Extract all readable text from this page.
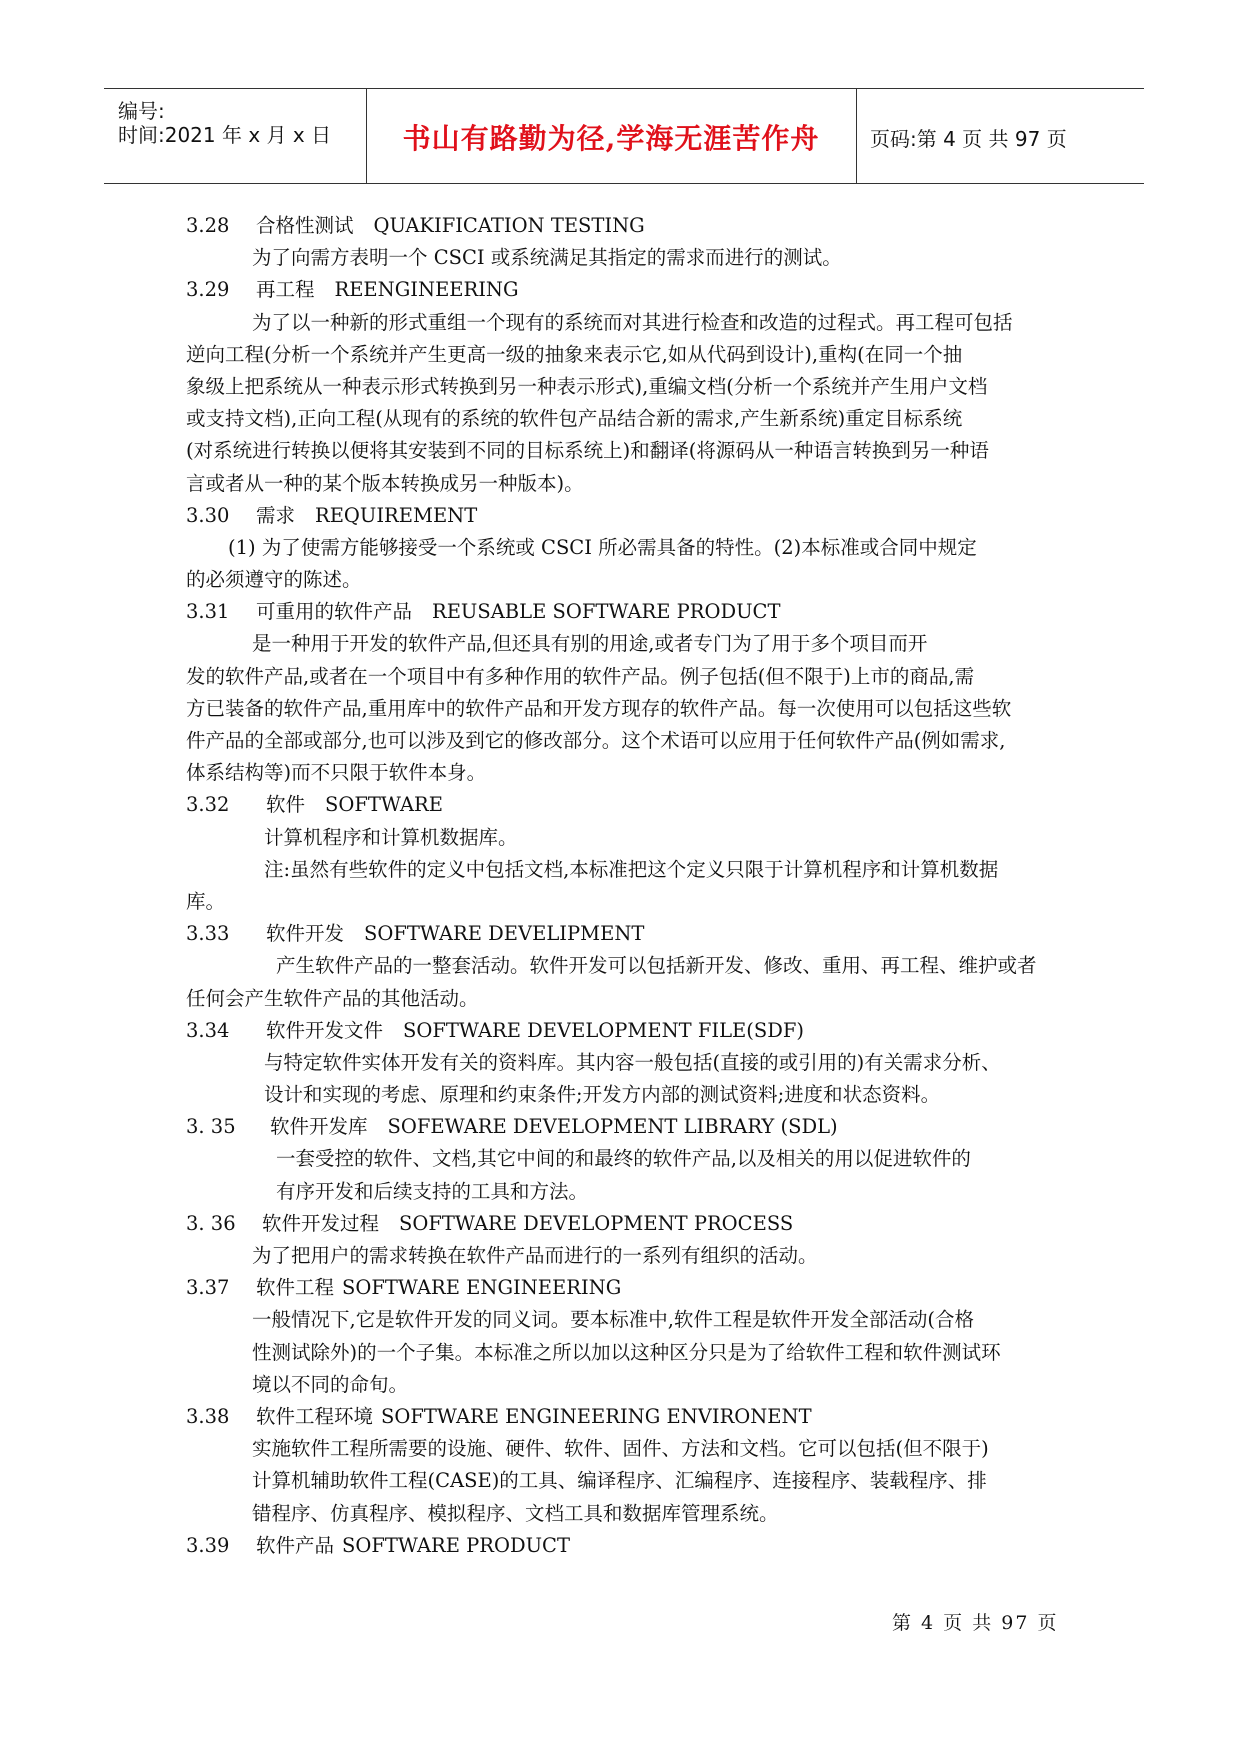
编号:
时间:2021 年 x 月 x 日	书山有路勤为径,学海无涯苦作舟	页码:第 4 页 共 97 页
3.28 合格性测试 QUAKIFICATION TESTING
为了向需方表明一个 CSCI 或系统满足其指定的需求而进行的测试。
3.29 再工程 REENGINEERING
为了以一种新的形式重组一个现有的系统而对其进行检查和改造的过程式。再工程可包括
逆向工程(分析一个系统并产生更高一级的抽象来表示它,如从代码到设计),重构(在同一个抽
象级上把系统从一种表示形式转换到另一种表示形式),重编文档(分析一个系统并产生用户文档
或支持文档),正向工程(从现有的系统的软件包产品结合新的需求,产生新系统)重定目标系统
(对系统进行转换以便将其安装到不同的目标系统上)和翻译(将源码从一种语言转换到另一种语
言或者从一种的某个版本转换成另一种版本)。
3.30 需求 REQUIREMENT
(1) 为了使需方能够接受一个系统或 CSCI 所必需具备的特性。(2)本标准或合同中规定
的必须遵守的陈述。
3.31 可重用的软件产品 REUSABLE SOFTWARE PRODUCT
是一种用于开发的软件产品,但还具有别的用途,或者专门为了用于多个项目而开
发的软件产品,或者在一个项目中有多种作用的软件产品。例子包括(但不限于)上市的商品,需
方已装备的软件产品,重用库中的软件产品和开发方现存的软件产品。每一次使用可以包括这些软
件产品的全部或部分,也可以涉及到它的修改部分。这个术语可以应用于任何软件产品(例如需求,
体系结构等)而不只限于软件本身。
3.32 软件 SOFTWARE
计算机程序和计算机数据库。
注:虽然有些软件的定义中包括文档,本标准把这个定义只限于计算机程序和计算机数据
库。
3.33 软件开发 SOFTWARE DEVELIPMENT
产生软件产品的一整套活动。软件开发可以包括新开发、修改、重用、再工程、维护或者
任何会产生软件产品的其他活动。
3.34 软件开发文件 SOFTWARE DEVELOPMENT FILE(SDF)
与特定软件实体开发有关的资料库。其内容一般包括(直接的或引用的)有关需求分析、
设计和实现的考虑、原理和约束条件;开发方内部的测试资料;进度和状态资料。
3. 35 软件开发库 SOFEWARE DEVELOPMENT LIBRARY (SDL)
一套受控的软件、文档,其它中间的和最终的软件产品,以及相关的用以促进软件的
有序开发和后续支持的工具和方法。
3. 36 软件开发过程 SOFTWARE DEVELOPMENT PROCESS
为了把用户的需求转换在软件产品而进行的一系列有组织的活动。
3.37 软件工程 SOFTWARE ENGINEERING
一般情况下,它是软件开发的同义词。要本标准中,软件工程是软件开发全部活动(合格
性测试除外)的一个子集。本标准之所以加以这种区分只是为了给软件工程和软件测试环
境以不同的命旬。
3.38 软件工程环境 SOFTWARE ENGINEERING ENVIRONENT
实施软件工程所需要的设施、硬件、软件、固件、方法和文档。它可以包括(但不限于)
计算机辅助软件工程(CASE)的工具、编译程序、汇编程序、连接程序、装载程序、排
错程序、仿真程序、模拟程序、文档工具和数据库管理系统。
3.39 软件产品 SOFTWARE PRODUCT
第 4 页 共 97 页
